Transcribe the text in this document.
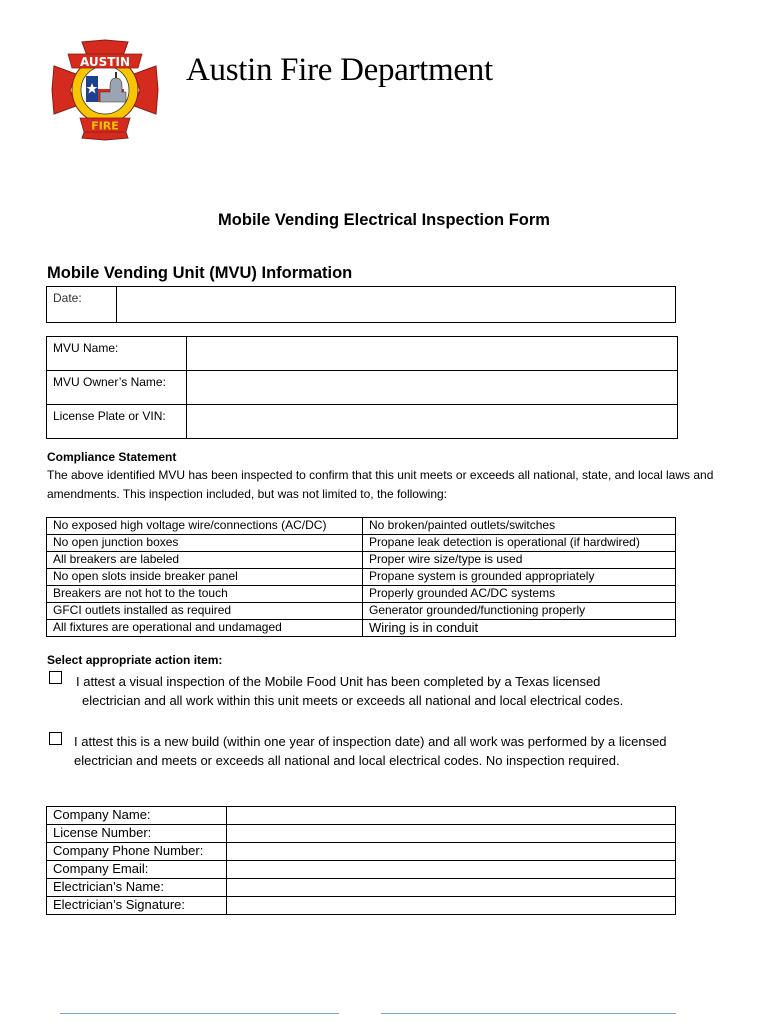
AUSTIN
FIRE
Austin Fire Department
Mobile Vending Electrical Inspection Form
Mobile Vending Unit (MVU) Information
Date:	
MVU Name:	
MVU Owner’s Name:	
License Plate or VIN:	
Compliance Statement
The above identified MVU has been inspected to confirm that this unit meets or exceeds all national, state, and local laws and amendments. This inspection included, but was not limited to, the following:
No exposed high voltage wire/connections (AC/DC)	No broken/painted outlets/switches
No open junction boxes	Propane leak detection is operational (if hardwired)
All breakers are labeled	Proper wire size/type is used
No open slots inside breaker panel	Propane system is grounded appropriately
Breakers are not hot to the touch	Properly grounded AC/DC systems
GFCI outlets installed as required	Generator grounded/functioning properly
All fixtures are operational and undamaged	Wiring is in conduit
Select appropriate action item:
I attest a visual inspection of the Mobile Food Unit has been completed by a Texas licensed
electrician and all work within this unit meets or exceeds all national and local electrical codes.
I attest this is a new build (within one year of inspection date) and all work was performed by a licensed electrician and meets or exceeds all national and local electrical codes. No inspection required.
Company Name:	
License Number:	
Company Phone Number:	
Company Email:	
Electrician’s Name:	
Electrician’s Signature:	
